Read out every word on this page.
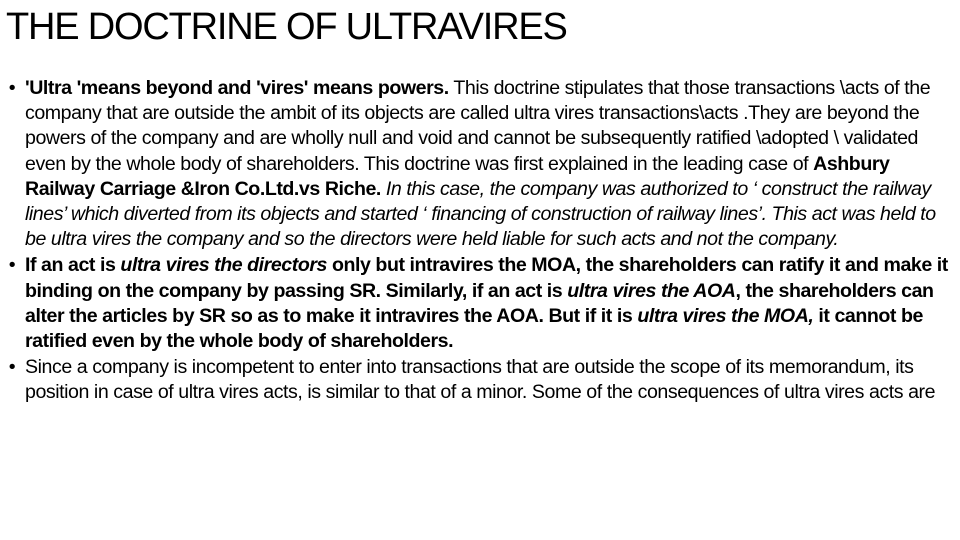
THE DOCTRINE OF ULTRAVIRES
• 'Ultra 'means beyond and 'vires' means powers. This doctrine stipulates that those transactions \acts of the company that are outside the ambit of its objects are called ultra vires transactions\acts .They are beyond the powers of the company and are wholly null and void and cannot be subsequently ratified \adopted \ validated even by the whole body of shareholders. This doctrine was first explained in the leading case of Ashbury Railway Carriage &Iron Co.Ltd.vs Riche. In this case, the company was authorized to ‘ construct the railway lines’ which diverted from its objects and started ‘ financing of construction of railway lines’. This act was held to be ultra vires the company and so the directors were held liable for such acts and not the company.
• If an act is ultra vires the directors only but intravires the MOA, the shareholders can ratify it and make it binding on the company by passing SR. Similarly, if an act is ultra vires the AOA, the shareholders can alter the articles by SR so as to make it intravires the AOA. But if it is ultra vires the MOA, it cannot be ratified even by the whole body of shareholders.
• Since a company is incompetent to enter into transactions that are outside the scope of its memorandum, its position in case of ultra vires acts, is similar to that of a minor. Some of the consequences of ultra vires acts are
